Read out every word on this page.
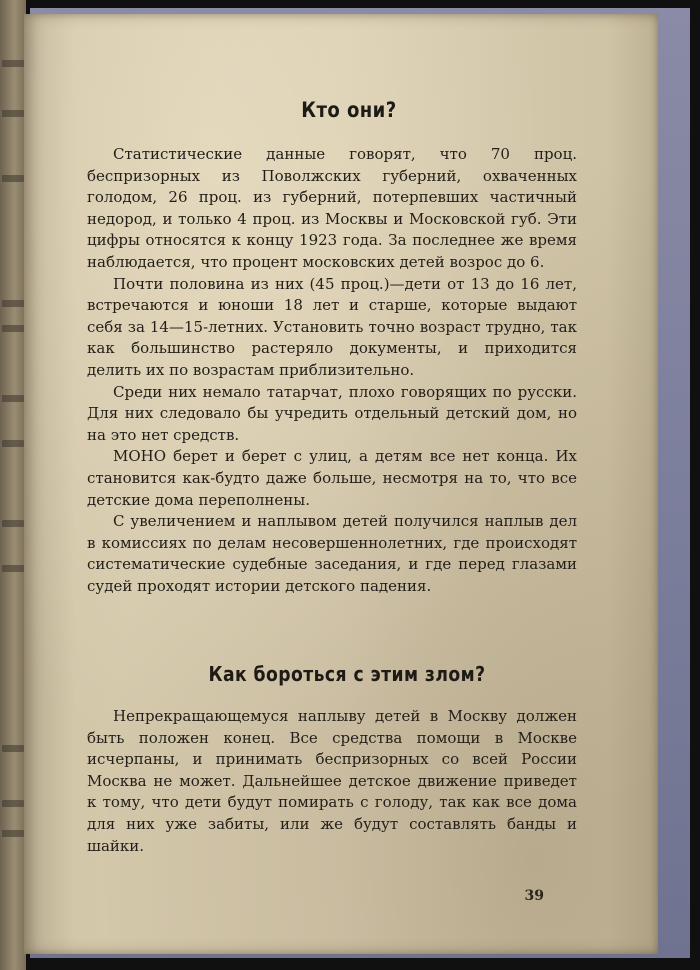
Кто они?

Статистические данные говорят, что 70 проц. беспризорных из Поволжских губерний, охваченных голодом, 26 проц. из губерний, потерпевших частичный недород, и только 4 проц. из Москвы и Московской губ. Эти цифры относятся к концу 1923 года. За последнее же время наблюдается, что процент московских детей возрос до 6.

Почти половина из них (45 проц.)—дети от 13 до 16 лет, встречаются и юноши 18 лет и старше, которые выдают себя за 14—15-летних. Установить точно возраст трудно, так как большинство растеряло документы, и приходится делить их по возрастам приблизительно.

Среди них немало татарчат, плохо говорящих по русски. Для них следовало бы учредить отдельный детский дом, но на это нет средств.

МОНО берет и берет с улиц, а детям все нет конца. Их становится как-будто даже больше, несмотря на то, что все детские дома переполнены.

С увеличением и наплывом детей получился наплыв дел в комиссиях по делам несовершеннолетних, где происходят систематические судебные заседания, и где перед глазами судей проходят истории детского падения.

Как бороться с этим злом?

Непрекращающемуся наплыву детей в Москву должен быть положен конец. Все средства помощи в Москве исчерпаны, и принимать беспризорных со всей России Москва не может. Дальнейшее детское движение приведет к тому, что дети будут помирать с голоду, так как все дома для них уже забиты, или же будут составлять банды и шайки.

39
